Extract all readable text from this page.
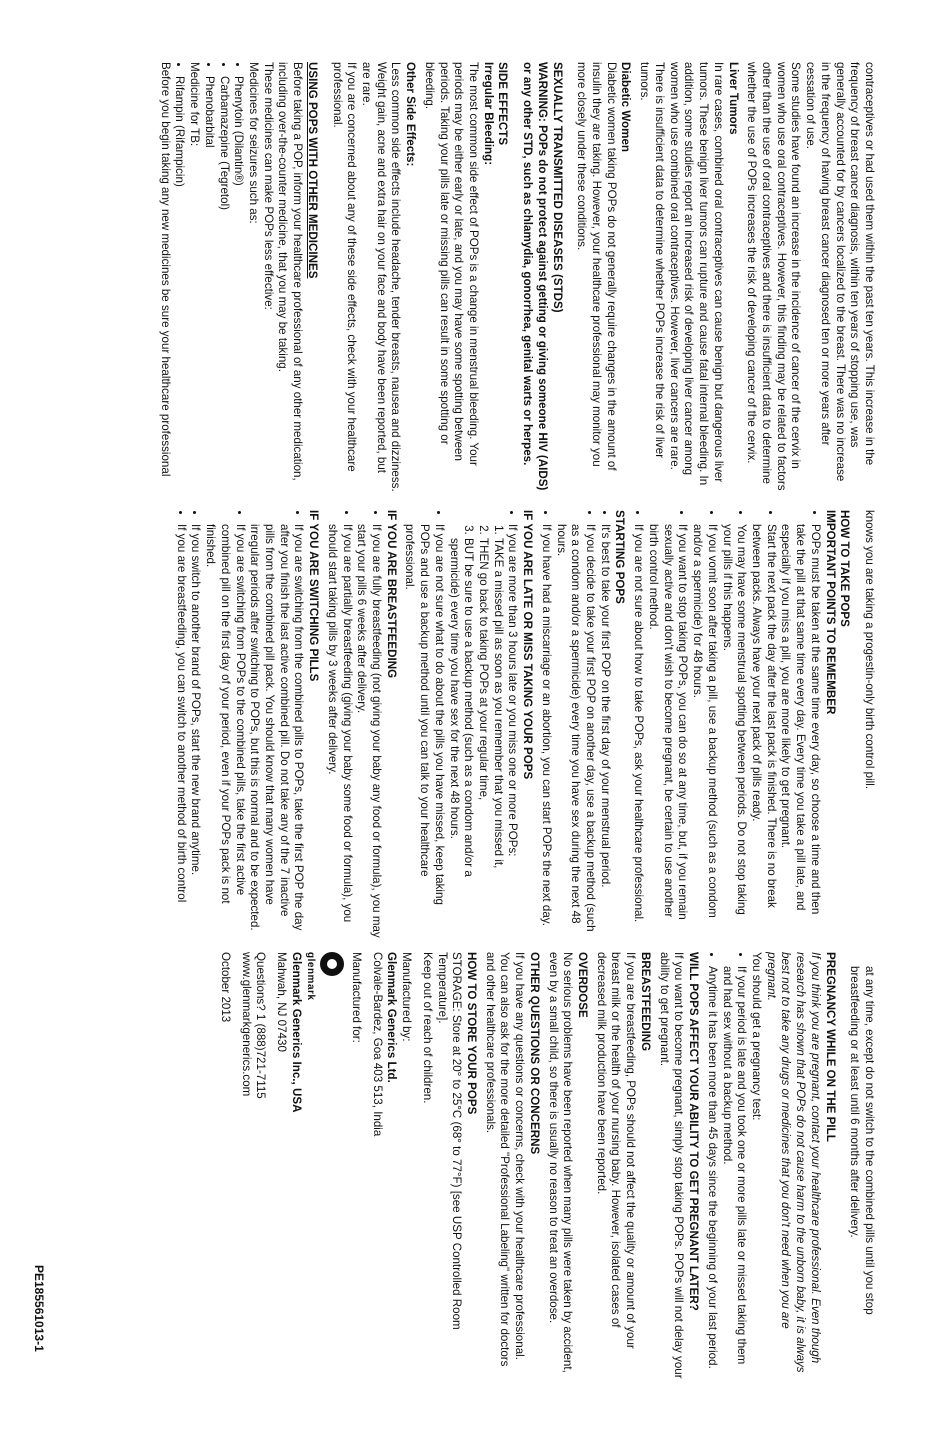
contraceptives or had used them within the past ten years. This increase in the frequency of breast cancer diagnosis, within ten years of stopping use, was generally accounted for by cancers localized to the breast. There was no increase in the frequency of having breast cancer diagnosed ten or more years after cessation of use.

Some studies have found an increase in the incidence of cancer of the cervix in women who use oral contraceptives. However, this finding may be related to factors other than the use of oral contraceptives and there is insufficient data to determine whether the use of POPs increases the risk of developing cancer of the cervix.

Liver Tumors

In rare cases, combined oral contraceptives can cause benign but dangerous liver tumors. These benign liver tumors can rupture and cause fatal internal bleeding. In addition, some studies report an increased risk of developing liver cancer among women who use combined oral contraceptives. However, liver cancers are rare. There is insufficient data to determine whether POPs increase the risk of liver tumors.

Diabetic Women

Diabetic women taking POPs do not generally require changes in the amount of insulin they are taking. However, your healthcare professional may monitor you more closely under these conditions.

SEXUALLY TRANSMITTED DISEASES (STDS)

WARNING: POPs do not protect against getting or giving someone HIV (AIDS) or any other STD, such as chlamydia, gonorrhea, genital warts or herpes.

SIDE EFFECTS

Irregular Bleeding:

The most common side effect of POPs is a change in menstrual bleeding. Your periods may be either early or late, and you may have some spotting between periods. Taking your pills late or missing pills can result in some spotting or bleeding.

Other Side Effects:

Less common side effects include headache, tender breasts, nausea and dizziness. Weight gain, acne and extra hair on your face and body have been reported, but are rare.

If you are concerned about any of these side effects, check with your healthcare professional.

USING POPS WITH OTHER MEDICINES

Before taking a POP, inform your healthcare professional of any other medication, including over-the-counter medicine, that you may be taking.

These medicines can make POPs less effective:

Medicines for seizures such as:

• Phenytoin (Dilantin®)
• Carbamazepine (Tegretol)
• Phenobarbital

Medicine for TB:

• Rifampin (Rifampicin)

Before you begin taking any new medicines be sure your healthcare professional

knows you are taking a progestin-only birth control pill.

HOW TO TAKE POPS
IMPORTANT POINTS TO REMEMBER
• POPs must be taken at the same time every day, so choose a time and then take the pill at that same time every day. Every time you take a pill late, and especially if you miss a pill, you are more likely to get pregnant.
• Start the next pack the day after the last pack is finished. There is no break between packs. Always have your next pack of pills ready.
• You may have some menstrual spotting between periods. Do not stop taking your pills if this happens.
• If you vomit soon after taking a pill, use a backup method (such as a condom and/or a spermicide) for 48 hours.
• If you want to stop taking POPs, you can do so at any time, but, if you remain sexually active and don't wish to become pregnant, be certain to use another birth control method.
• If you are not sure about how to take POPs, ask your healthcare professional.
STARTING POPS
• It's best to take your first POP on the first day of your menstrual period.
• If you decide to take your first POP on another day, use a backup method (such as a condom and/or a spermicide) every time you have sex during the next 48 hours.
• If you have had a miscarriage or an abortion, you can start POPs the next day.
IF YOU ARE LATE OR MISS TAKING YOUR POPS
• If you are more than 3 hours late or you miss one or more POPs:
1. TAKE a missed pill as soon as you remember that you missed it,
2. THEN go back to taking POPs at your regular time,
3. BUT be sure to use a backup method (such as a condom and/or a spermicide) every time you have sex for the next 48 hours.
• If you are not sure what to do about the pills you have missed, keep taking POPs and use a backup method until you can talk to your healthcare professional.
IF YOU ARE BREASTFEEDING
• If you are fully breastfeeding (not giving your baby any food or formula), you may start your pills 6 weeks after delivery.
• If you are partially breastfeeding (giving your baby some food or formula), you should start taking pills by 3 weeks after delivery.
IF YOU ARE SWITCHING PILLS
• If you are switching from the combined pills to POPs, take the first POP the day after you finish the last active combined pill. Do not take any of the 7 inactive pills from the combined pill pack. You should know that many women have irregular periods after switching to POPs, but this is normal and to be expected.
• If you are switching from POPs to the combined pills, take the first active combined pill on the first day of your period, even if your POPs pack is not finished.
• If you switch to another brand of POPs, start the new brand anytime.
• If you are breastfeeding, you can switch to another method of birth control

at any time, except do not switch to the combined pills until you stop breastfeeding or at least until 6 months after delivery.

PREGNANCY WHILE ON THE PILL

If you think you are pregnant, contact your healthcare professional. Even though research has shown that POPs do not cause harm to the unborn baby, it is always best not to take any drugs or medicines that you don't need when you are pregnant.

You should get a pregnancy test:

• If your period is late and you took one or more pills late or missed taking them and had sex without a backup method.
• Anytime it has been more than 45 days since the beginning of your last period.
WILL POPS AFFECT YOUR ABILITY TO GET PREGNANT LATER?

If you want to become pregnant, simply stop taking POPs. POPs will not delay your ability to get pregnant.

BREASTFEEDING

If you are breastfeeding, POPs should not affect the quality or amount of your breast milk or the health of your nursing baby. However, isolated cases of decreased milk production have been reported.

OVERDOSE

No serious problems have been reported when many pills were taken by accident, even by a small child, so there is usually no reason to treat an overdose.

OTHER QUESTIONS OR CONCERNS

If you have any questions or concerns, check with your healthcare professional. You can also ask for the more detailed "Professional Labeling" written for doctors and other healthcare professionals.

HOW TO STORE YOUR POPS

STORAGE: Store at 20° to 25°C (68° to 77°F) [see USP Controlled Room Temperature].

Keep out of reach of children.

Manufactured by:

Glenmark Generics Ltd.

Colvale-Bardez, Goa 403 513, India

Manufactured for:

glenmark

Glenmark Generics Inc., USA

Mahwah, NJ 07430

Questions? 1 (888)721-7115

www.glenmarkgenerics.com

October 2013

PE185561013-1
